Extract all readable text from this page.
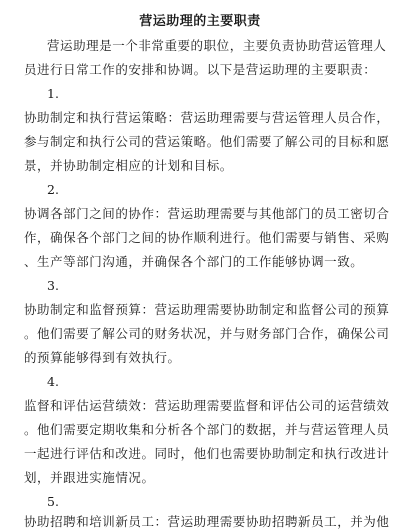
营运助理的主要职责
营运助理是一个非常重要的职位，主要负责协助营运管理人
员进行日常工作的安排和协调。以下是营运助理的主要职责：
1.
协助制定和执行营运策略：营运助理需要与营运管理人员合作，
参与制定和执行公司的营运策略。他们需要了解公司的目标和愿
景，并协助制定相应的计划和目标。
2.
协调各部门之间的协作：营运助理需要与其他部门的员工密切合
作，确保各个部门之间的协作顺利进行。他们需要与销售、采购
、生产等部门沟通，并确保各个部门的工作能够协调一致。
3.
协助制定和监督预算：营运助理需要协助制定和监督公司的预算
。他们需要了解公司的财务状况，并与财务部门合作，确保公司
的预算能够得到有效执行。
4.
监督和评估运营绩效：营运助理需要监督和评估公司的运营绩效
。他们需要定期收集和分析各个部门的数据，并与营运管理人员
一起进行评估和改进。同时，他们也需要协助制定和执行改进计
划，并跟进实施情况。
5.
协助招聘和培训新员工：营运助理需要协助招聘新员工，并为他
